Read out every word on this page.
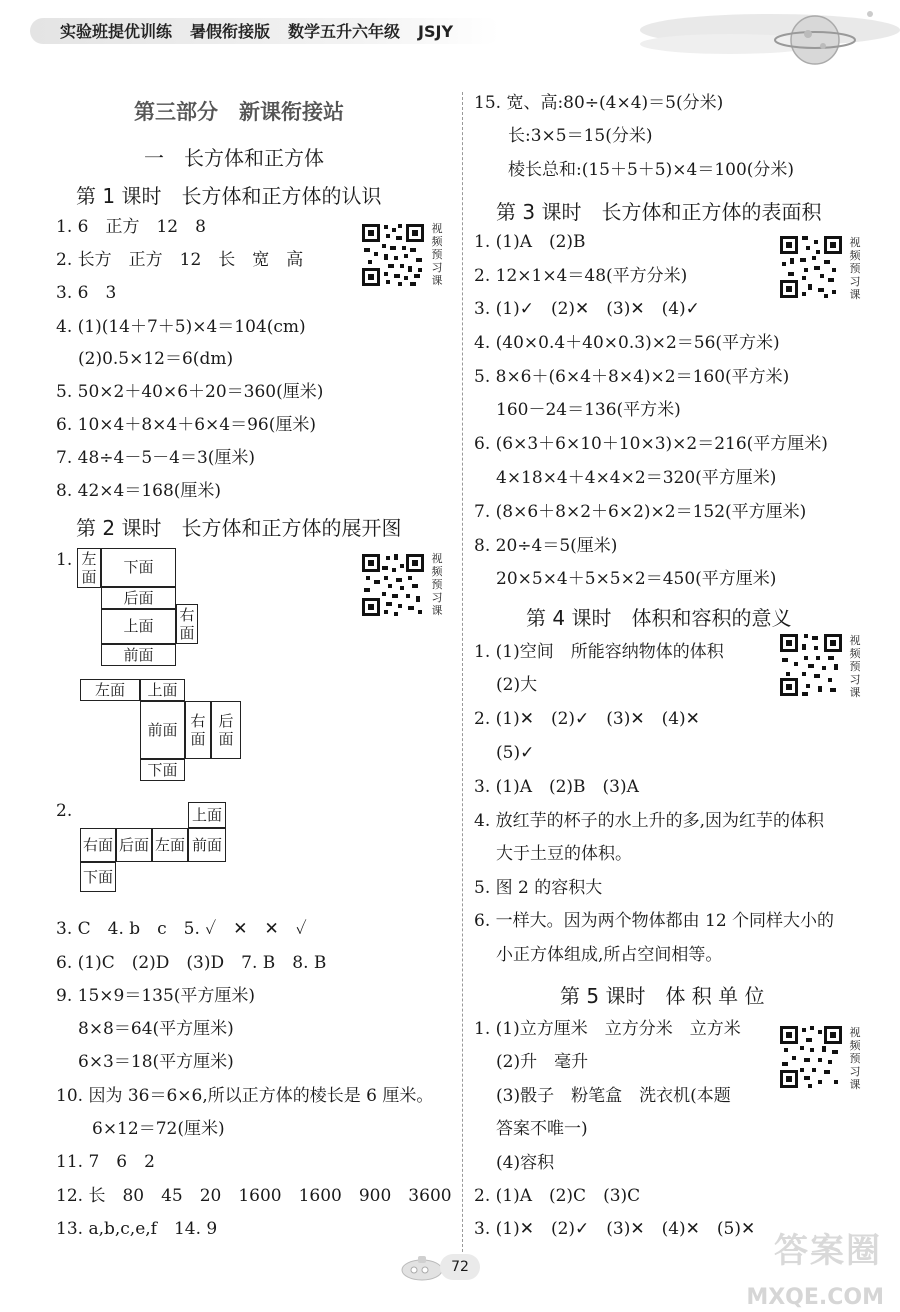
实验班提优训练 暑假衔接版 数学五升六年级 JSJY
第三部分　新课衔接站
一　长方体和正方体
第 1 课时　长方体和正方体的认识
1. 6　正方　12　8
2. 长方　正方　12　长　宽　高
3. 6　3
4. (1)(14＋7＋5)×4＝104(cm)
(2)0.5×12＝6(dm)
5. 50×2＋40×6＋20＝360(厘米)
6. 10×4＋8×4＋6×4＝96(厘米)
7. 48÷4－5－4＝3(厘米)
8. 42×4＝168(厘米)
视频预习课
第 2 课时　长方体和正方体的展开图
1.	视频预习课
左面
下面
后面
上面
右面
前面
左面	上面
前面 右面
后面
下面
2.	上面
右面 后面 左面 前面
下面
3. C　4. b　c　5. ✓　✕　✕　✓
6. (1)C　(2)D　(3)D　7. B　8. B
9. 15×9＝135(平方厘米)
8×8＝64(平方厘米)
6×3＝18(平方厘米)
10. 因为 36＝6×6,所以正方体的棱长是 6 厘米。
6×12＝72(厘米)
11. 7　6　2
12. 长　80　45　20　1600　1600　900　3600
13. a,b,c,e,f　14. 9
15. 宽、高:80÷(4×4)＝5(分米)
长:3×5＝15(分米)
棱长总和:(15＋5＋5)×4＝100(分米)
第 3 课时　长方体和正方体的表面积
1. (1)A　(2)B
2. 12×1×4＝48(平方分米)
3. (1)✓　(2)✕　(3)✕　(4)✓
4. (40×0.4＋40×0.3)×2＝56(平方米)
5. 8×6＋(6×4＋8×4)×2＝160(平方米)
160－24＝136(平方米)
6. (6×3＋6×10＋10×3)×2＝216(平方厘米)
4×18×4＋4×4×2＝320(平方厘米)
7. (8×6＋8×2＋6×2)×2＝152(平方厘米)
8. 20÷4＝5(厘米)
20×5×4＋5×5×2＝450(平方厘米)
视频预习课
第 4 课时　体积和容积的意义
1. (1)空间　所能容纳物体的体积
(2)大
2. (1)✕　(2)✓　(3)✕　(4)✕
(5)✓
3. (1)A　(2)B　(3)A
4. 放红芋的杯子的水上升的多,因为红芋的体积
大于土豆的体积。
5. 图 2 的容积大
6. 一样大。因为两个物体都由 12 个同样大小的
小正方体组成,所占空间相等。
视频预习课
第 5 课时　体 积 单 位
1. (1)立方厘米　立方分米　立方米
(2)升　毫升
(3)骰子　粉笔盒　洗衣机(本题
答案不唯一)
(4)容积
2. (1)A　(2)C　(3)C
3. (1)✕　(2)✓　(3)✕　(4)✕　(5)✕
视频预习课
72	答案圈
MXQE.COM
